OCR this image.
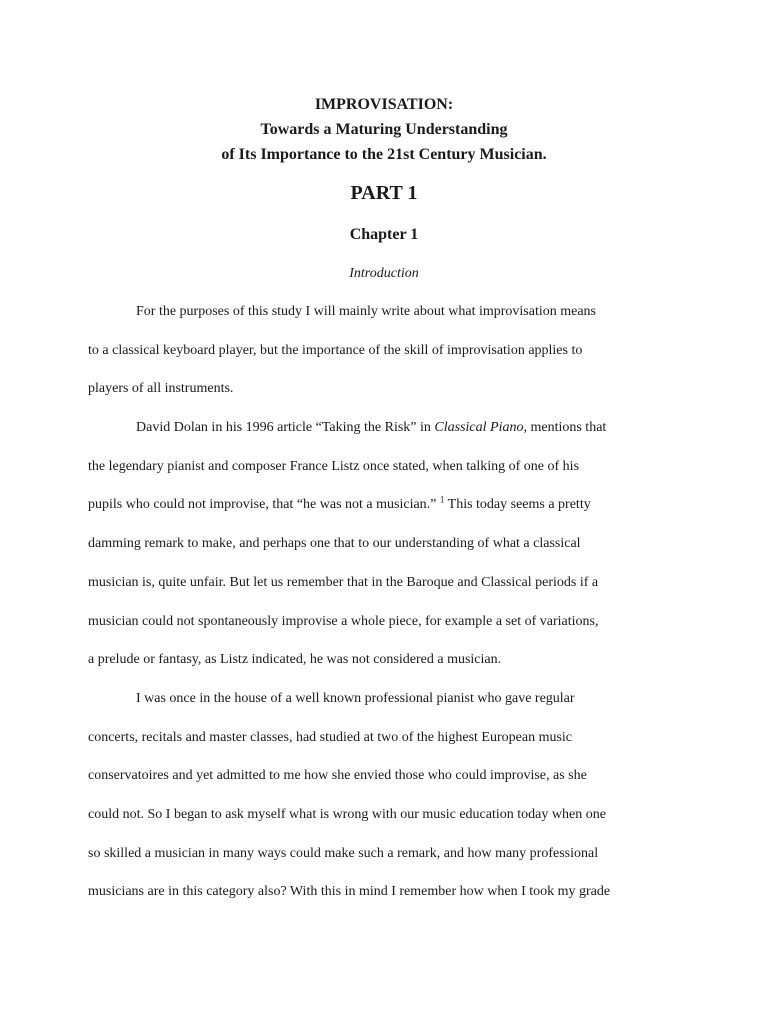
IMPROVISATION:
Towards a Maturing Understanding
of Its Importance to the 21st Century Musician.
PART 1
Chapter 1
Introduction
For the purposes of this study I will mainly write about what improvisation means
to a classical keyboard player, but the importance of the skill of improvisation applies to
players of all instruments.
David Dolan in his 1996 article “Taking the Risk” in Classical Piano, mentions that
the legendary pianist and composer France Listz once stated, when talking of one of his
pupils who could not improvise, that “he was not a musician.” $^1$ This today seems a pretty
damming remark to make, and perhaps one that to our understanding of what a classical
musician is, quite unfair. But let us remember that in the Baroque and Classical periods if a
musician could not spontaneously improvise a whole piece, for example a set of variations,
a prelude or fantasy, as Listz indicated, he was not considered a musician.
I was once in the house of a well known professional pianist who gave regular
concerts, recitals and master classes, had studied at two of the highest European music
conservatoires and yet admitted to me how she envied those who could improvise, as she
could not. So I began to ask myself what is wrong with our music education today when one
so skilled a musician in many ways could make such a remark, and how many professional
musicians are in this category also? With this in mind I remember how when I took my grade
